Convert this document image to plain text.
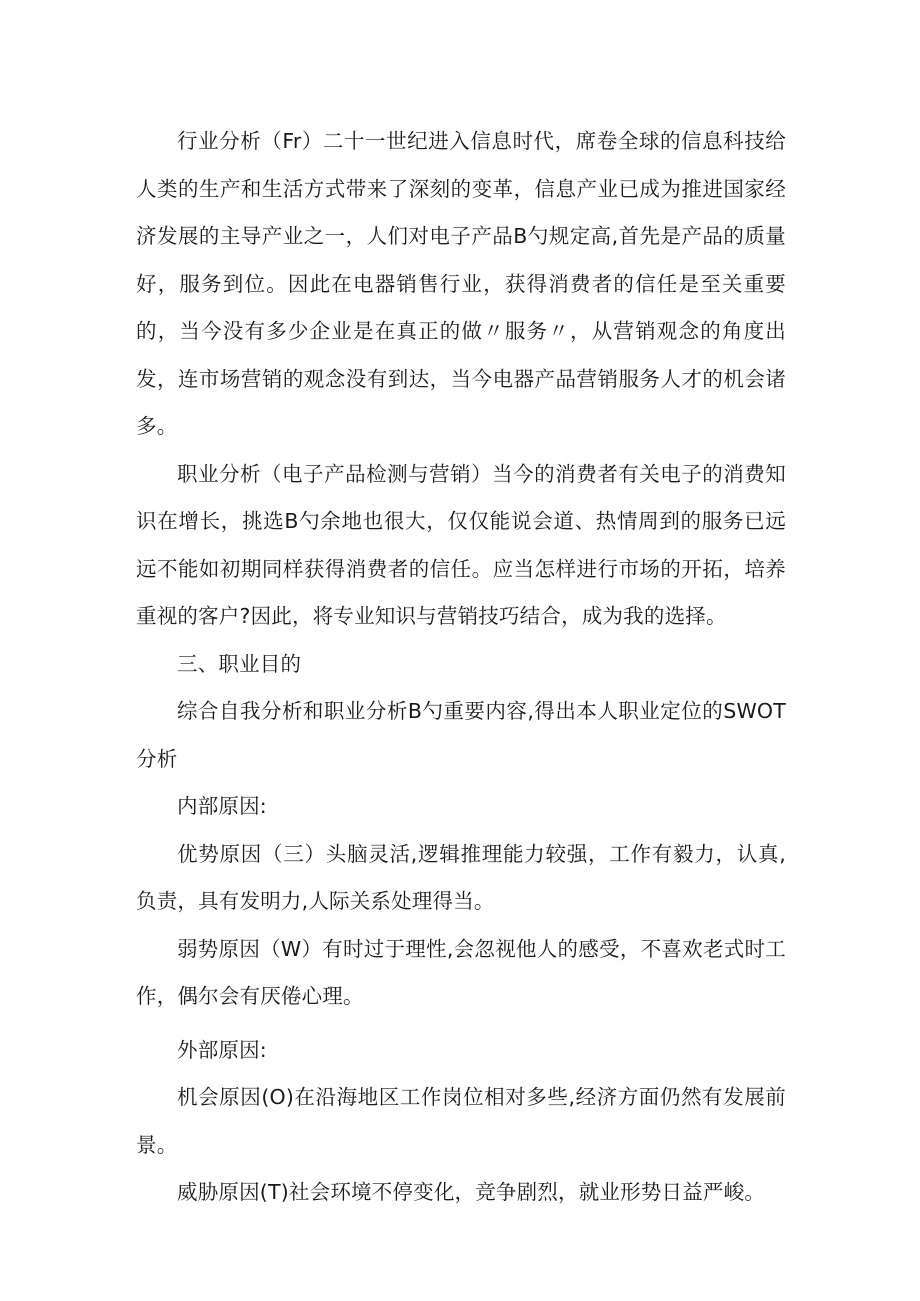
行业分析（Fr）二十一世纪进入信息时代，席卷全球的信息科技给人类的生产和生活方式带来了深刻的变革，信息产业已成为推进国家经济发展的主导产业之一，人们对电子产品Β勺规定高,首先是产品的质量好，服务到位。因此在电器销售行业，获得消费者的信任是至关重要的，当今没有多少企业是在真正的做〃服务〃，从营销观念的角度出发，连市场营销的观念没有到达，当今电器产品营销服务人才的机会诸多。

职业分析（电子产品检测与营销）当今的消费者有关电子的消费知识在增长，挑选Β勺余地也很大，仅仅能说会道、热情周到的服务已远远不能如初期同样获得消费者的信任。应当怎样进行市场的开拓，培养重视的客户?因此，将专业知识与营销技巧结合，成为我的选择。

三、职业目的

综合自我分析和职业分析Β勺重要内容,得出本人职业定位的SWOT分析

内部原因:

优势原因（三）头脑灵活,逻辑推理能力较强，工作有毅力，认真,负责，具有发明力,人际关系处理得当。

弱势原因（W）有时过于理性,会忽视他人的感受，不喜欢老式时工作，偶尔会有厌倦心理。

外部原因:

机会原因(O)在沿海地区工作岗位相对多些,经济方面仍然有发展前景。

威胁原因(T)社会环境不停变化，竞争剧烈，就业形势日益严峻。
